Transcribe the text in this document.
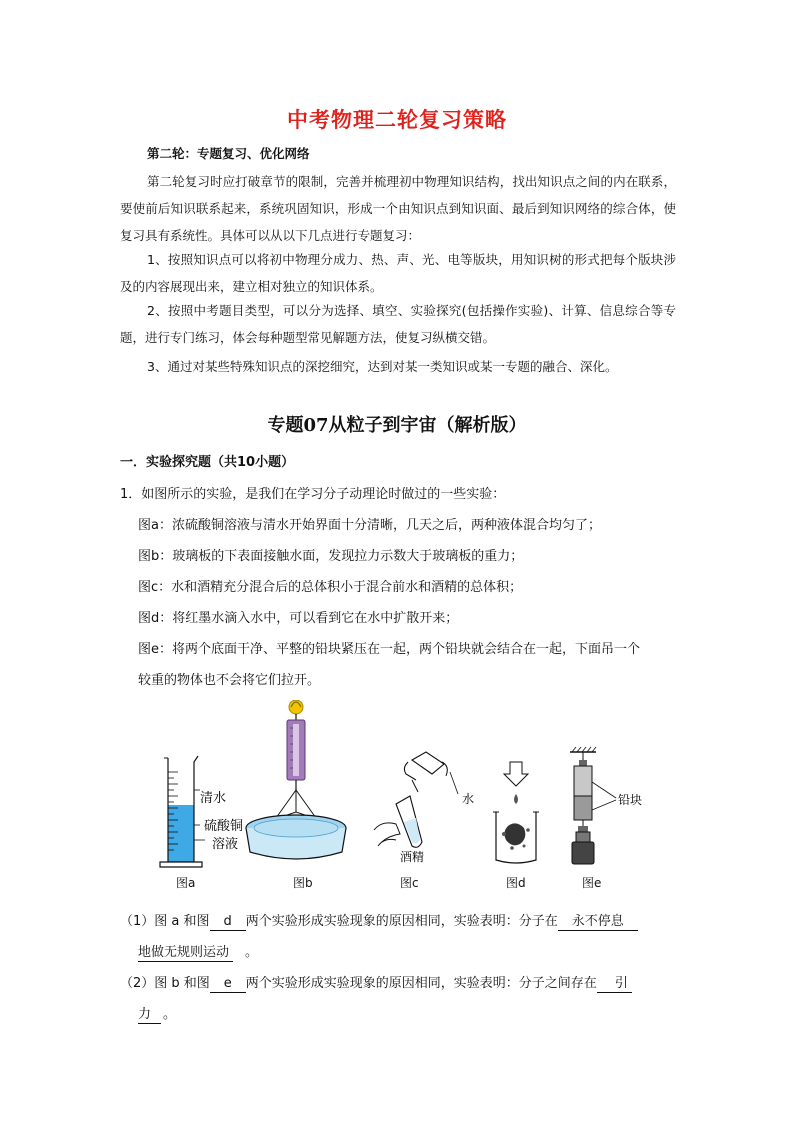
中考物理二轮复习策略
第二轮：专题复习、优化网络
第二轮复习时应打破章节的限制，完善并梳理初中物理知识结构，找出知识点之间的内在联系，要使前后知识联系起来，系统巩固知识，形成一个由知识点到知识面、最后到知识网络的综合体，使复习具有系统性。具体可以从以下几点进行专题复习：
1、按照知识点可以将初中物理分成力、热、声、光、电等版块，用知识树的形式把每个版块涉及的内容展现出来，建立相对独立的知识体系。
2、按照中考题目类型，可以分为选择、填空、实验探究(包括操作实验)、计算、信息综合等专题，进行专门练习，体会每种题型常见解题方法，使复习纵横交错。
3、通过对某些特殊知识点的深挖细究，达到对某一类知识或某一专题的融合、深化。
专题07从粒子到宇宙（解析版）
一．实验探究题（共10小题）
1．如图所示的实验，是我们在学习分子动理论时做过的一些实验：
图a：浓硫酸铜溶液与清水开始界面十分清晰，几天之后，两种液体混合均匀了；
图b：玻璃板的下表面接触水面，发现拉力示数大于玻璃板的重力；
图c：水和酒精充分混合后的总体积小于混合前水和酒精的总体积；
图d：将红墨水滴入水中，可以看到它在水中扩散开来；
图e：将两个底面干净、平整的铅块紧压在一起，两个铅块就会结合在一起，下面吊一个
较重的物体也不会将它们拉开。
清水
硫酸铜
溶液
水
酒精
铅块
图a	图b	图c	图d	图e
（1）图 a 和图 d 两个实验形成实验现象的原因相同，实验表明：分子在 永不停息
地做无规则运动 。
（2）图 b 和图 e 两个实验形成实验现象的原因相同，实验表明：分子之间存在 引
力 。
